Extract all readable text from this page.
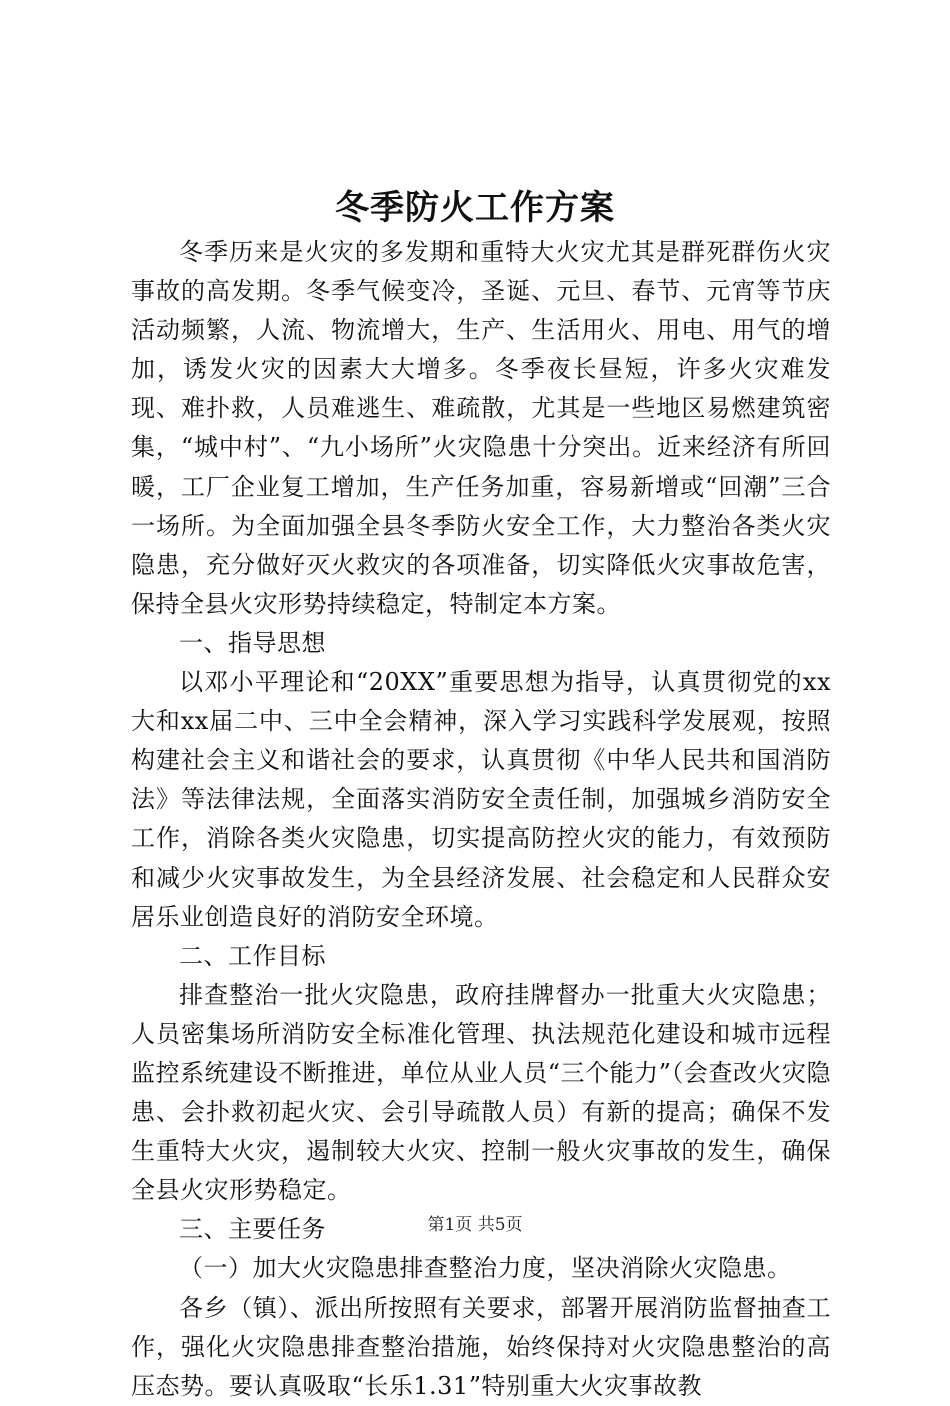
冬季防火工作方案

冬季历来是火灾的多发期和重特大火灾尤其是群死群伤火灾事故的高发期。冬季气候变冷，圣诞、元旦、春节、元宵等节庆活动频繁，人流、物流增大，生产、生活用火、用电、用气的增加，诱发火灾的因素大大增多。冬季夜长昼短，许多火灾难发现、难扑救，人员难逃生、难疏散，尤其是一些地区易燃建筑密集，“城中村”、“九小场所”火灾隐患十分突出。近来经济有所回暖，工厂企业复工增加，生产任务加重，容易新增或“回潮”三合一场所。为全面加强全县冬季防火安全工作，大力整治各类火灾隐患，充分做好灭火救灾的各项准备，切实降低火灾事故危害，保持全县火灾形势持续稳定，特制定本方案。

一、指导思想

以邓小平理论和“20XX”重要思想为指导，认真贯彻党的xx大和xx届二中、三中全会精神，深入学习实践科学发展观，按照构建社会主义和谐社会的要求，认真贯彻《中华人民共和国消防法》等法律法规，全面落实消防安全责任制，加强城乡消防安全工作，消除各类火灾隐患，切实提高防控火灾的能力，有效预防和减少火灾事故发生，为全县经济发展、社会稳定和人民群众安居乐业创造良好的消防安全环境。

二、工作目标

排查整治一批火灾隐患，政府挂牌督办一批重大火灾隐患；人员密集场所消防安全标准化管理、执法规范化建设和城市远程监控系统建设不断推进，单位从业人员“三个能力”（会查改火灾隐患、会扑救初起火灾、会引导疏散人员）有新的提高；确保不发生重特大火灾，遏制较大火灾、控制一般火灾事故的发生，确保全县火灾形势稳定。

三、主要任务

（一）加大火灾隐患排查整治力度，坚决消除火灾隐患。

各乡（镇）、派出所按照有关要求，部署开展消防监督抽查工作，强化火灾隐患排查整治措施，始终保持对火灾隐患整治的高压态势。要认真吸取“长乐1.31”特别重大火灾事故教

第1页 共5页
